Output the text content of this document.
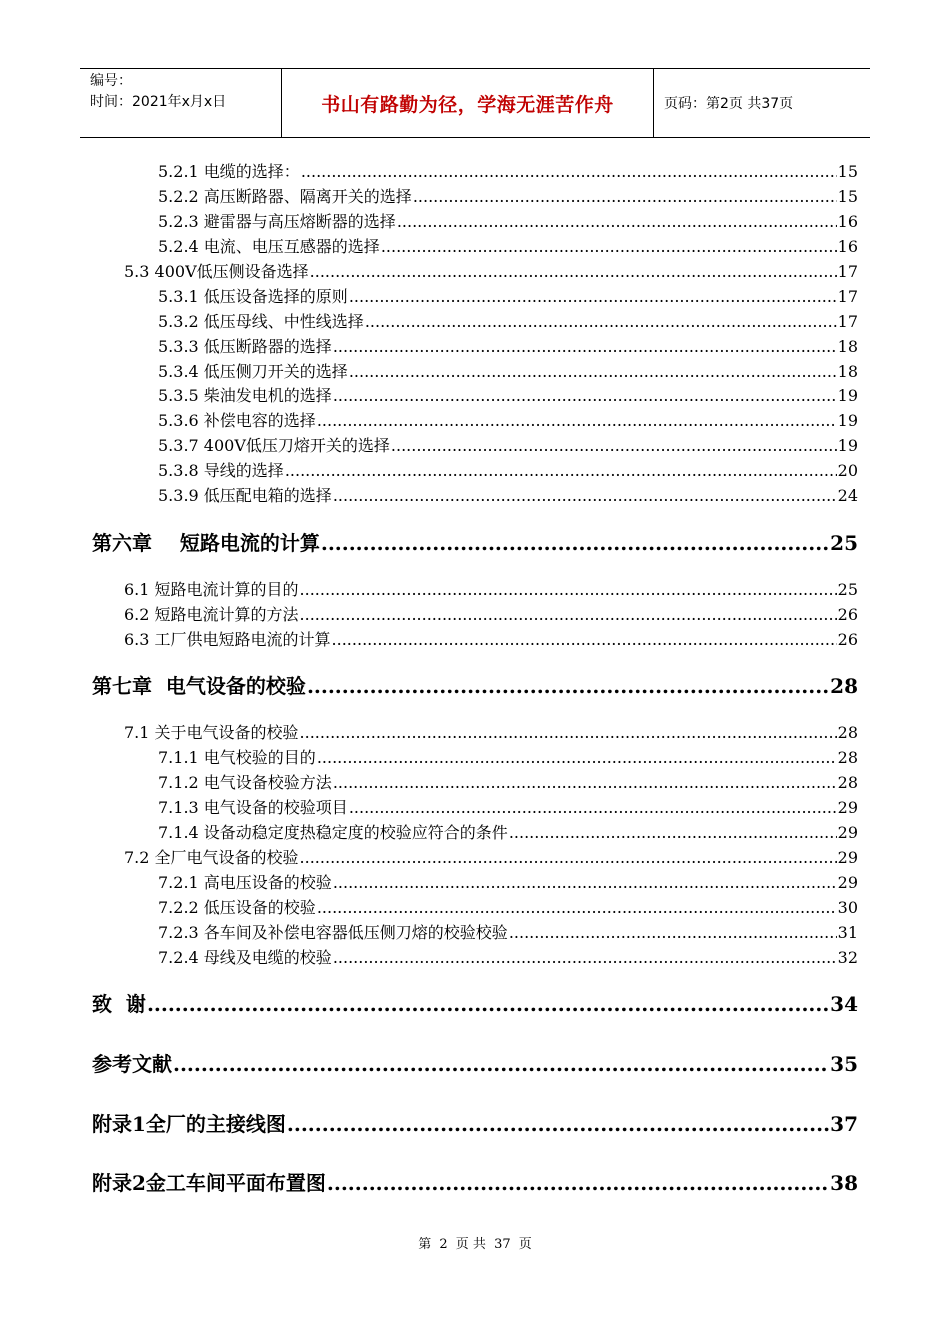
编号：
时间：2021年x月x日	书山有路勤为径，学海无涯苦作舟	页码：第2页 共37页
5.2.1 电缆的选择： .....	15
5.2.2 高压断路器、隔离开关的选择 .....	15
5.2.3 避雷器与高压熔断器的选择 .....	16
5.2.4 电流、电压互感器的选择 .....	16
5.3 400V低压侧设备选择 .....	17
5.3.1 低压设备选择的原则 .....	17
5.3.2 低压母线、中性线选择 .....	17
5.3.3 低压断路器的选择 .....	18
5.3.4 低压侧刀开关的选择 .....	18
5.3.5 柴油发电机的选择 .....	19
5.3.6 补偿电容的选择 .....	19
5.3.7 400V低压刀熔开关的选择 .....	19
5.3.8 导线的选择 .....	20
5.3.9 低压配电箱的选择 .....	24
第六章    短路电流的计算 .....	25
6.1 短路电流计算的目的 .....	25
6.2 短路电流计算的方法 .....	26
6.3 工厂供电短路电流的计算 .....	26
第七章  电气设备的校验 .....	28
7.1 关于电气设备的校验 .....	28
7.1.1 电气校验的目的 .....	28
7.1.2 电气设备校验方法 .....	28
7.1.3 电气设备的校验项目 .....	29
7.1.4 设备动稳定度热稳定度的校验应符合的条件 .....	29
7.2 全厂电气设备的校验 .....	29
7.2.1 高电压设备的校验 .....	29
7.2.2 低压设备的校验 .....	30
7.2.3 各车间及补偿电容器低压侧刀熔的校验校验 .....	31
7.2.4 母线及电缆的校验 .....	32
致  谢 .....	34
参考文献 .....	35
附录1全厂的主接线图 .....	37
附录2金工车间平面布置图 .....	38
第 2 页 共 37 页
